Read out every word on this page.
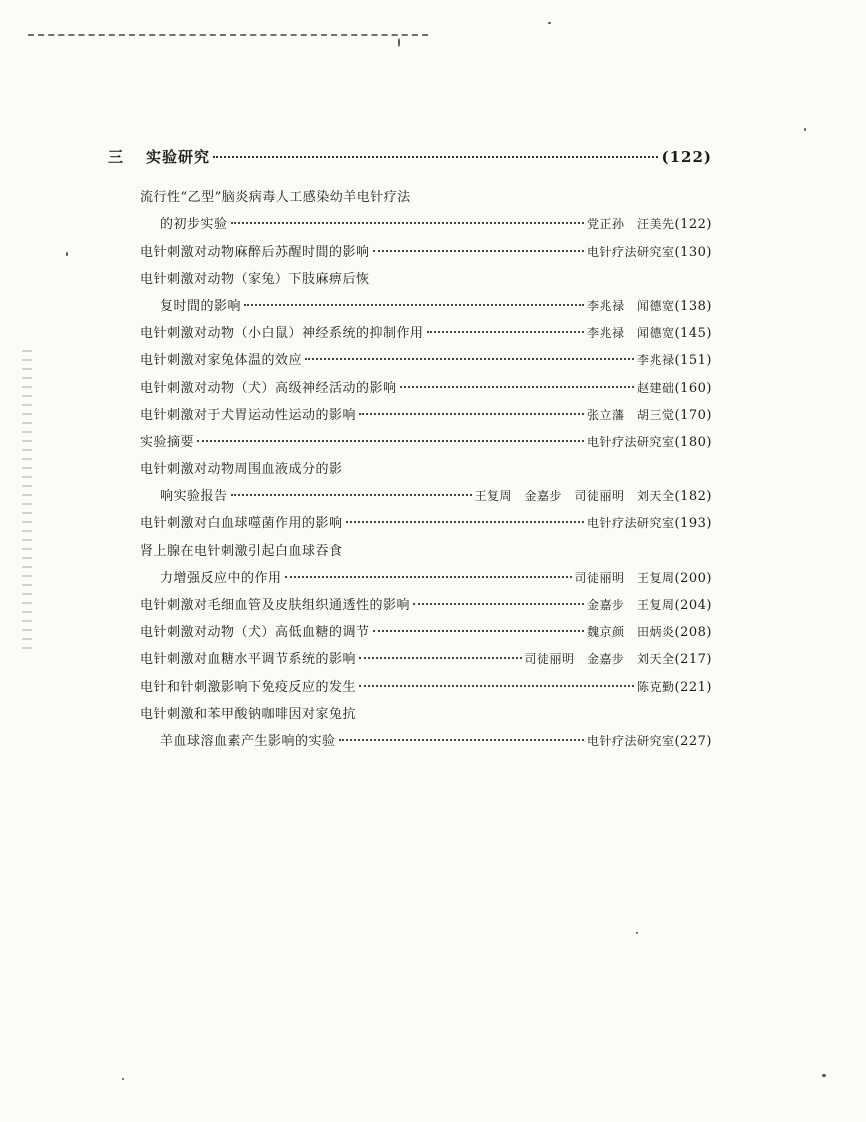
三	实验研究	(122)
流行性“乙型”脑炎病毒人工感染幼羊电针疗法
的初步实验	党正孙　汪美先 (122)
电针刺激对动物麻醉后苏醒时間的影响	电针疗法研究室 (130)
电针刺激对动物（家兔）下肢麻痹后恢
复时間的影响	李兆禄　闻德宽 (138)
电针刺激对动物（小白鼠）神经系统的抑制作用	李兆禄　闻德宽 (145)
电针刺激对家兔体温的效应	李兆禄 (151)
电针刺激对动物（犬）高级神经活动的影响	赵建础 (160)
电针刺激对于犬胃运动性运动的影响	张立藩　胡三觉 (170)
实验摘要	电针疗法研究室 (180)
电针刺激对动物周围血液成分的影
响实验报告	王复周　金嘉步　司徒丽明　刘天全 (182)
电针刺激对白血球噬菌作用的影响	电针疗法研究室 (193)
肾上腺在电针刺激引起白血球吞食
力增强反应中的作用	司徒丽明　王复周 (200)
电针刺激对毛细血管及皮肤组织通透性的影响	金嘉步　王复周 (204)
电针刺激对动物（犬）高低血糖的调节	魏京颜　田炳炎 (208)
电针刺激对血糖水平调节系统的影响	司徒丽明　金嘉步　刘天全 (217)
电针和针刺激影响下免疫反应的发生	陈克勤 (221)
电针刺激和苯甲酸钠咖啡因对家兔抗
羊血球溶血素产生影响的实验	电针疗法研究室 (227)
